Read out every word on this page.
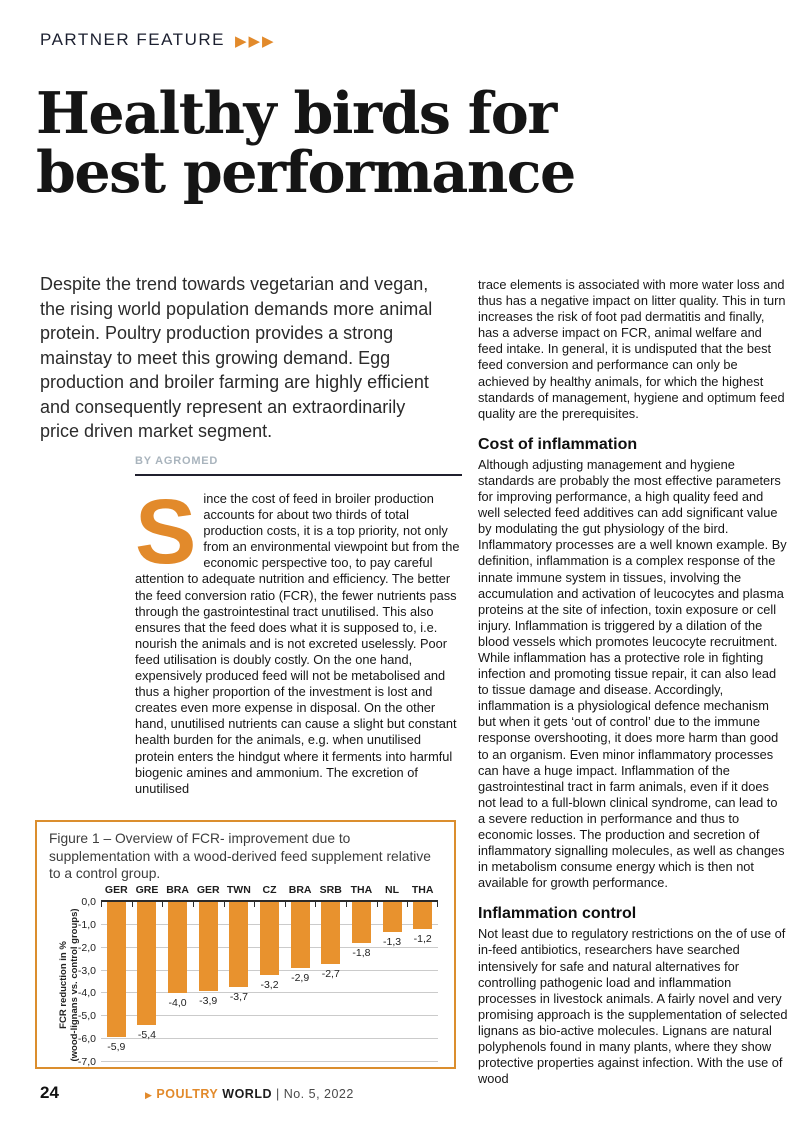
PARTNER FEATURE ▶▶▶
Healthy birds for
best performance

Despite the trend towards vegetarian and vegan, the rising world population demands more animal protein. Poultry production provides a strong mainstay to meet this growing demand. Egg production and broiler farming are highly efficient and consequently represent an extraordinarily price driven market segment.

BY AGROMED
Since the cost of feed in broiler production accounts for about two thirds of total production costs, it is a top priority, not only from an environmental viewpoint but from the economic perspective too, to pay careful attention to adequate nutrition and efficiency. The better the feed conversion ratio (FCR), the fewer nutrients pass through the gastrointestinal tract unutilised. This also ensures that the feed does what it is supposed to, i.e. nourish the animals and is not excreted uselessly. Poor feed utilisation is doubly costly. On the one hand, expensively produced feed will not be metabolised and thus a higher proportion of the investment is lost and creates even more expense in disposal. On the other hand, unutilised nutrients can cause a slight but constant health burden for the animals, e.g. when unutilised protein enters the hindgut where it ferments into harmful biogenic amines and ammonium. The excretion of unutilised

trace elements is associated with more water loss and thus has a negative impact on litter quality. This in turn increases the risk of foot pad dermatitis and finally, has a adverse impact on FCR, animal welfare and feed intake. In general, it is undisputed that the best feed conversion and performance can only be achieved by healthy animals, for which the highest standards of management, hygiene and optimum feed quality are the prerequisites.

Cost of inflammation

Although adjusting management and hygiene standards are probably the most effective parameters for improving performance, a high quality feed and well selected feed additives can add significant value by modulating the gut physiology of the bird. Inflammatory processes are a well known example. By definition, inflammation is a complex response of the innate immune system in tissues, involving the accumulation and activation of leucocytes and plasma proteins at the site of infection, toxin exposure or cell injury. Inflammation is triggered by a dilation of the blood vessels which promotes leucocyte recruitment. While inflammation has a protective role in fighting infection and promoting tissue repair, it can also lead to tissue damage and disease. Accordingly, inflammation is a physiological defence mechanism but when it gets ‘out of control’ due to the immune response overshooting, it does more harm than good to an organism. Even minor inflammatory processes can have a huge impact. Inflammation of the gastrointestinal tract in farm animals, even if it does not lead to a full-blown clinical syndrome, can lead to a severe reduction in performance and thus to economic losses. The production and secretion of inflammatory signalling molecules, as well as changes in metabolism consume energy which is then not available for growth performance.

Inflammation control

Not least due to regulatory restrictions on the of use of in-feed antibiotics, researchers have searched intensively for safe and natural alternatives for controlling pathogenic load and inflammation processes in livestock animals. A fairly novel and very promising approach is the supplementation of selected lignans as bio-active molecules. Lignans are natural polyphenols found in many plants, where they show protective properties against infection. With the use of wood

Figure 1 – Overview of FCR- improvement due to supplementation with a wood-derived feed supplement relative to a control group.
FCR reduction in % (wood-lignans vs. control groups)
0,0
-1,0
-2,0
-3,0
-4,0
-5,0
-6,0
-7,0
GER
-5,9
GRE
-5,4
BRA
-4,0
GER
-3,9
TWN
-3,7
CZ
-3,2
BRA
-2,9
SRB
-2,7
THA
-1,8
NL
-1,3
THA
-1,2
24	▶ POULTRY WORLD | No. 5, 2022
